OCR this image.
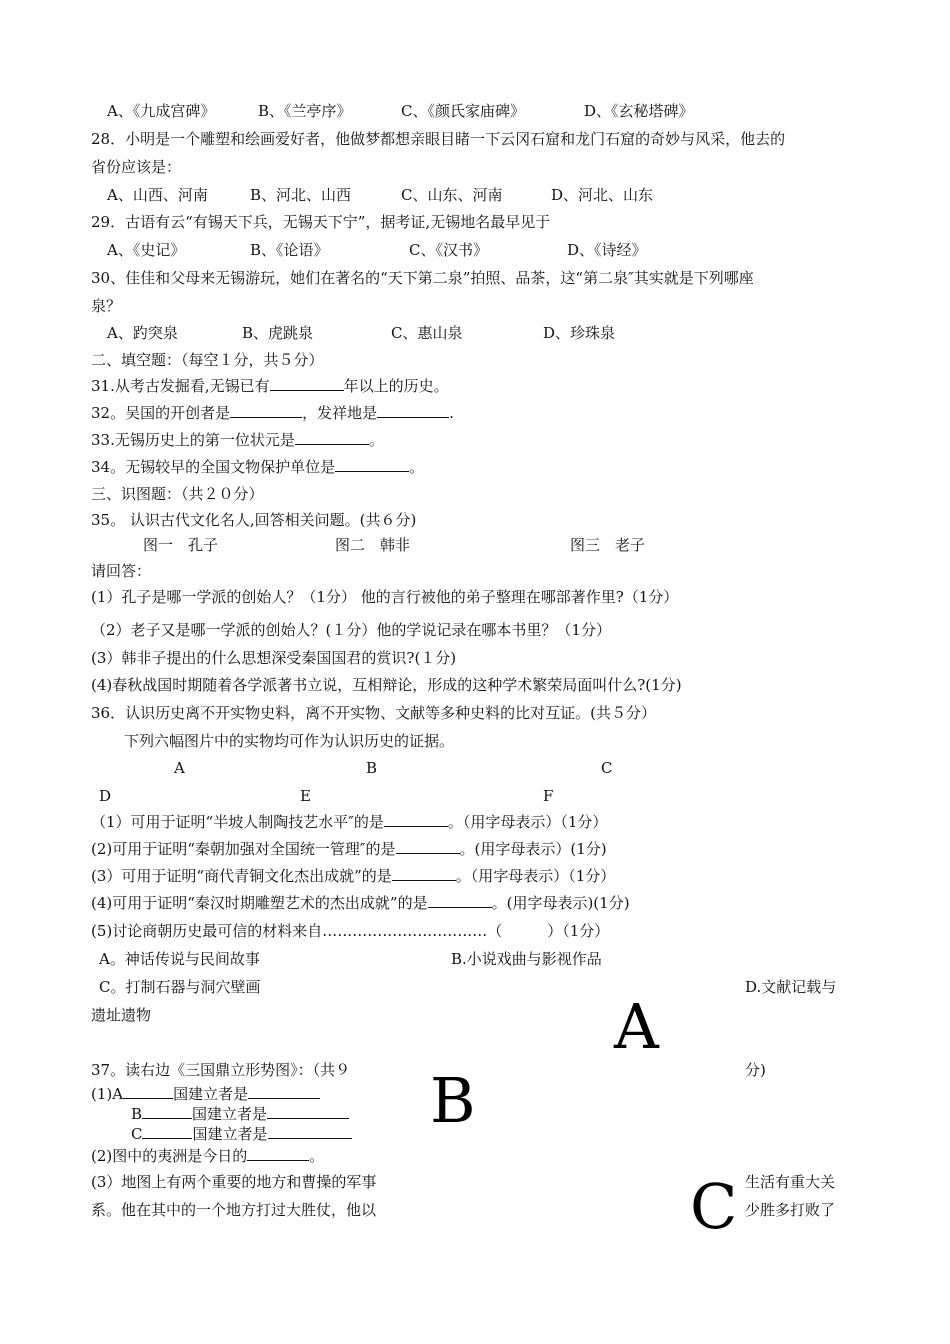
A、《九成宫碑》	B、《兰亭序》	C、《颜氏家庙碑》	D、《玄秘塔碑》
28．小明是一个雕塑和绘画爱好者，他做梦都想亲眼目睹一下云冈石窟和龙门石窟的奇妙与风采，他去的
省份应该是：
A、山西、河南	B、河北、山西	C、山东、河南	D、河北、山东
29．古语有云“有锡天下兵，无锡天下宁”，据考证,无锡地名最早见于
A、《史记》	B、《论语》	C、《汉书》	D、《诗经》
30、佳佳和父母来无锡游玩，她们在著名的“天下第二泉”拍照、品茶，这“第二泉″其实就是下列哪座
泉？
A、趵突泉	B、虎跳泉	C、惠山泉	D、珍珠泉
二、填空题：（每空１分，共５分）
31.从考古发掘看,无锡已有	年以上的历史。
32。吴国的开创者是	，发祥地是	.
33.无锡历史上的第一位状元是	。
34。无锡较早的全国文物保护单位是	。
三、识图题：（共２０分）
35。 认识古代文化名人,回答相关问题。(共６分)
图一　孔子	图二　韩非	图三　老子
请回答：
(1）孔子是哪一学派的创始人？（1分） 他的言行被他的弟子整理在哪部著作里?（1分）
（2）老子又是哪一学派的创始人？(１分）他的学说记录在哪本书里？（1分）
(3）韩非子提出的什么思想深受秦国国君的赏识?(１分)
(4)春秋战国时期随着各学派著书立说，互相辩论，形成的这种学术繁荣局面叫什么?(1分)
36．认识历史离不开实物史料，离不开实物、文献等多种史料的比对互证。(共５分）
下列六幅图片中的实物均可作为认识历史的证据。
A	B	C
D	E	F
（1）可用于证明“半坡人制陶技艺水平″的是	。（用字母表示）（1分）
(2)可用于证明“秦朝加强对全国统一管理″的是	。(用字母表示）(1分)
(3）可用于证明“商代青铜文化杰出成就”的是	。（用字母表示）（1分）
(4)可用于证明“秦汉时期雕塑艺术的杰出成就”的是	。(用字母表示)(1分)
(5)讨论商朝历史最可信的材料来自……………………………（　　　）（1分）
A。神话传说与民间故事	B.小说戏曲与影视作品
C。打制石器与洞穴壁画	D.文献记载与
遗址遗物	A
B
C
37。读右边《三国鼎立形势图》：（共９	分)
(1)A	国建立者是
B	国建立者是
C	国建立者是
(2)图中的夷洲是今日的	。
(3）地图上有两个重要的地方和曹操的军事
系。他在其中的一个地方打过大胜仗，他以
生活有重大关
少胜多打败了
